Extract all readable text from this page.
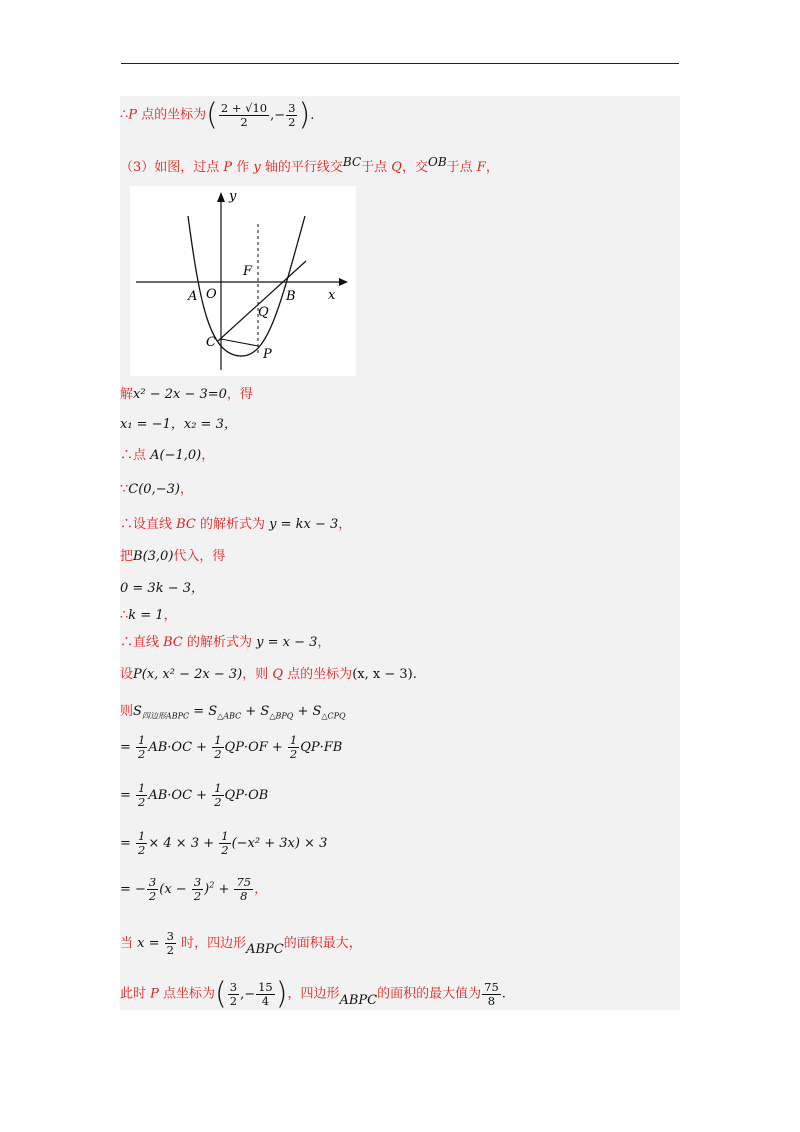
∴P 点的坐标为( $\frac{2 + √10}{2}$ ,− $\frac{3}{2}$ ).
（3）如图，过点 P 作 y 轴的平行线交BC于点 Q，交OB于点 F，
y
x
O
A	B
C
F
Q
P
解x² − 2x − 3=0，得
x₁ = −1，x₂ = 3，
∴点 A(−1,0)，
∵C(0,−3)，
∴设直线 BC 的解析式为 y = kx − 3，
把B(3,0)代入，得
0 = 3k − 3，
∴k = 1，
∴直线 BC 的解析式为 y = x − 3，
设P(x, x² − 2x − 3)，则 Q 点的坐标为(x, x − 3).
则$S_{四边形ABPC} = S_{\triangle ABC} + S_{\triangle BPQ} + S_{\triangle CPQ}$
= $\frac{1}{2} AB\cdot OC + \frac{1}{2} QP\cdot OF + \frac{1}{2} QP\cdot FB$
= $\frac{1}{2} AB\cdot OC + \frac{1}{2} QP\cdot OB$
= $\frac{1}{2} \times 4 \times 3 + \frac{1}{2} (-x^2 + 3x) \times 3$
= − $\frac{3}{2} (x - \frac{3}{2} )^2 + \frac{75}{8}$ ，
当 $x = \frac{3}{2}$ 时，四边形ABPC的面积最大，
此时 P 点坐标为( $\frac{3}{2}$ ,− $\frac{15}{4}$ )，四边形ABPC的面积的最大值为 $\frac{75}{8}$ .
